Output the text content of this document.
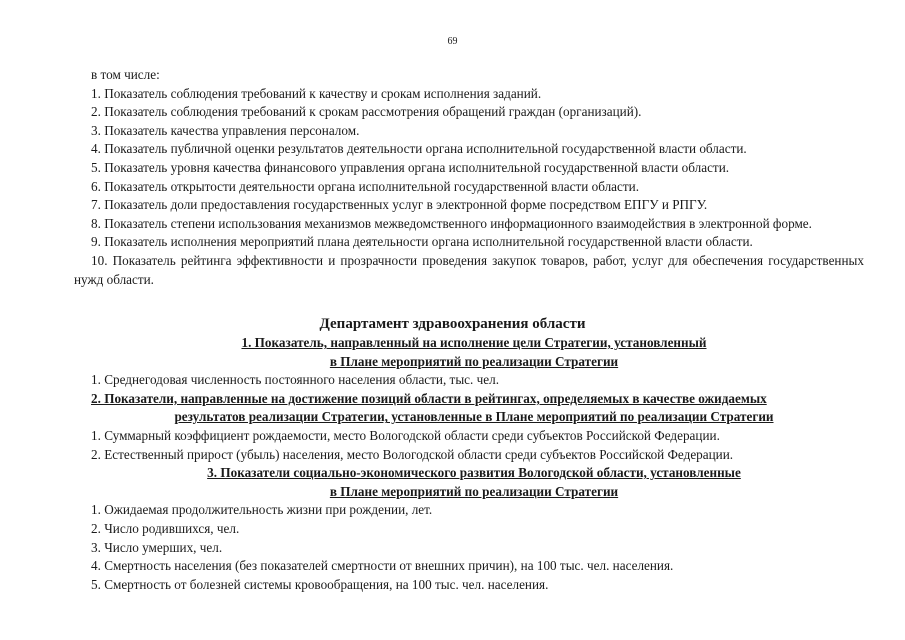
69
в том числе:
1. Показатель соблюдения требований к качеству и срокам исполнения заданий.
2. Показатель соблюдения требований к срокам рассмотрения обращений граждан (организаций).
3. Показатель качества управления персоналом.
4. Показатель публичной оценки результатов деятельности органа исполнительной государственной власти области.
5. Показатель уровня качества финансового управления органа исполнительной государственной власти области.
6. Показатель открытости деятельности органа исполнительной государственной власти области.
7. Показатель доли предоставления государственных услуг в электронной форме посредством ЕПГУ и РПГУ.
8. Показатель степени использования механизмов межведомственного информационного взаимодействия в электронной форме.
9. Показатель исполнения мероприятий плана деятельности органа исполнительной государственной власти области.
10. Показатель рейтинга эффективности и прозрачности проведения закупок товаров, работ, услуг для обеспечения государственных нужд области.
Департамент здравоохранения области
1. Показатель, направленный на исполнение цели Стратегии, установленный
в Плане мероприятий по реализации Стратегии
1. Среднегодовая численность постоянного населения области, тыс. чел.
2. Показатели, направленные на достижение позиций области в рейтингах, определяемых в качестве ожидаемых
результатов реализации Стратегии, установленные в Плане мероприятий по реализации Стратегии
1. Суммарный коэффициент рождаемости, место Вологодской области среди субъектов Российской Федерации.
2. Естественный прирост (убыль) населения, место Вологодской области среди субъектов Российской Федерации.
3. Показатели социально-экономического развития Вологодской области, установленные
в Плане мероприятий по реализации Стратегии
1. Ожидаемая продолжительность жизни при рождении, лет.
2. Число родившихся, чел.
3. Число умерших, чел.
4. Смертность населения (без показателей смертности от внешних причин), на 100 тыс. чел. населения.
5. Смертность от болезней системы кровообращения, на 100 тыс. чел. населения.
